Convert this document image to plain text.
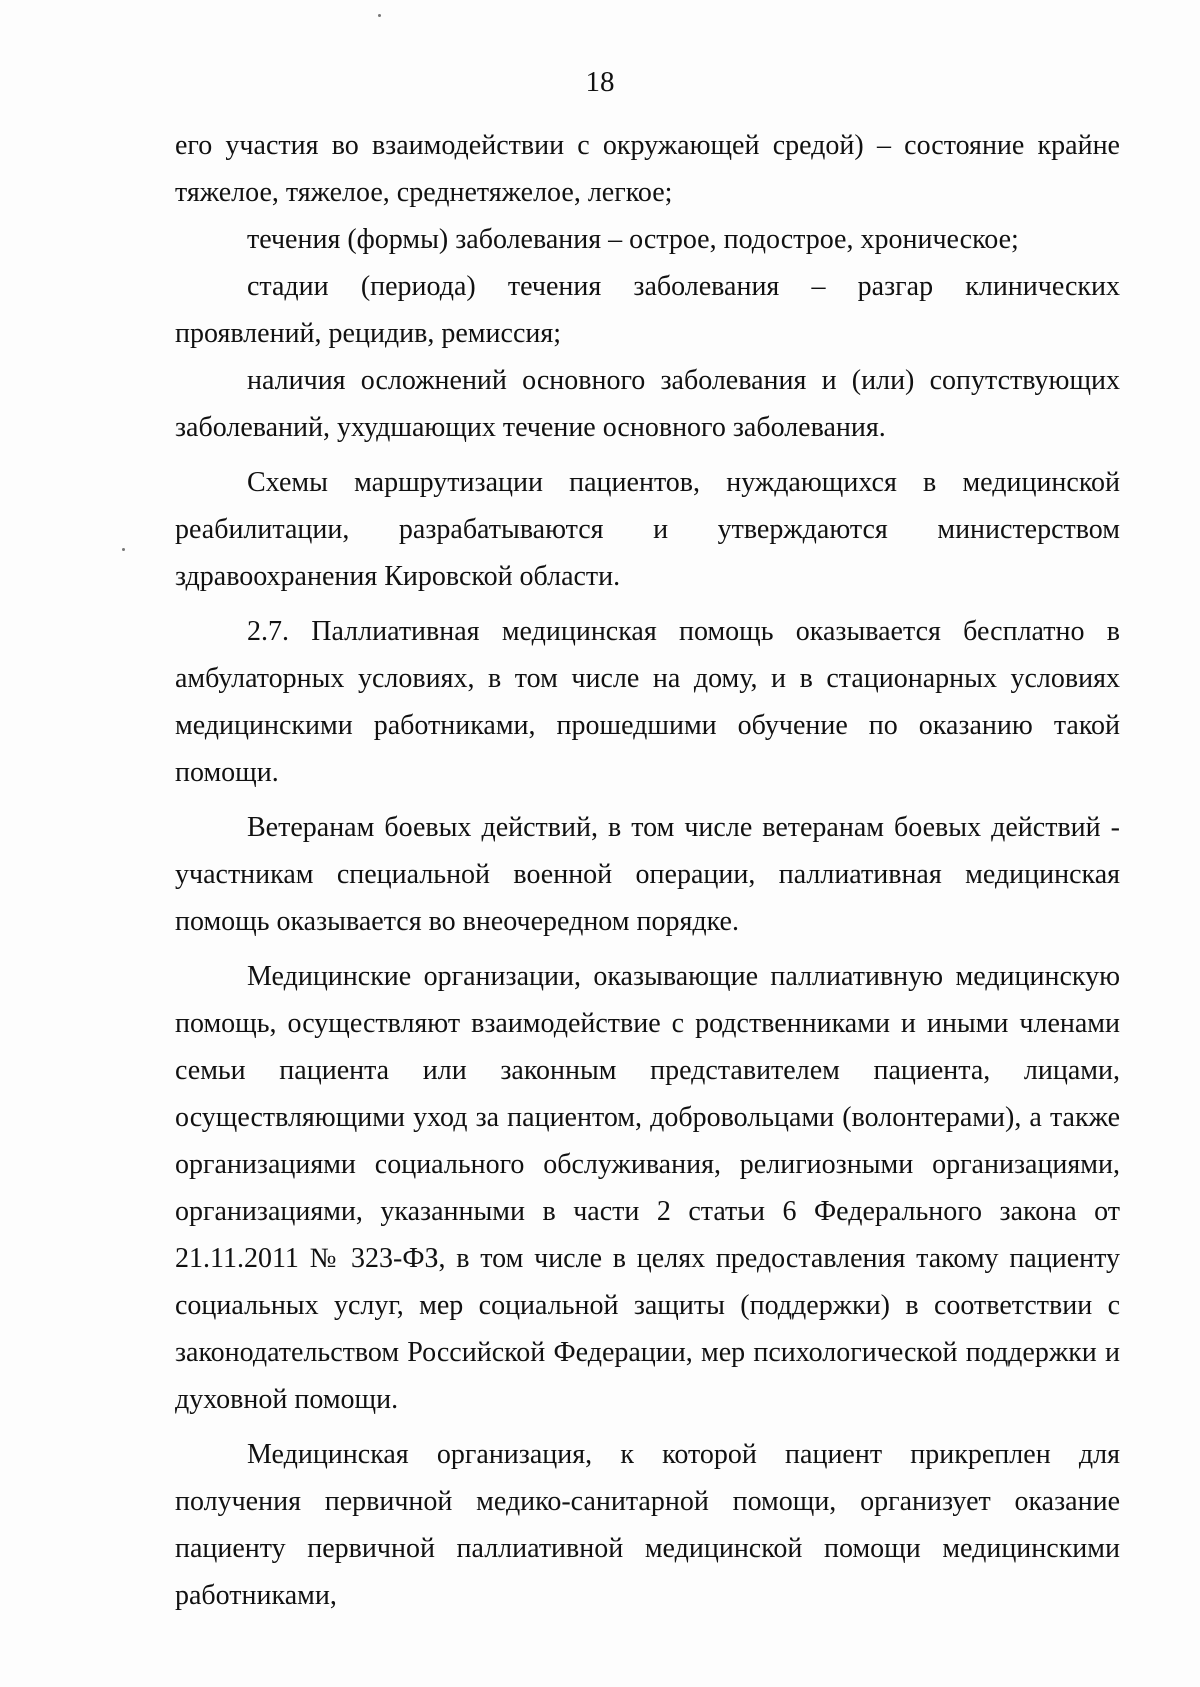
18

его участия во взаимодействии с окружающей средой) – состояние крайне тяжелое, тяжелое, среднетяжелое, легкое;

течения (формы) заболевания – острое, подострое, хроническое;

стадии (периода) течения заболевания – разгар клинических проявлений, рецидив, ремиссия;

наличия осложнений основного заболевания и (или) сопутствующих заболеваний, ухудшающих течение основного заболевания.

Схемы маршрутизации пациентов, нуждающихся в медицинской реабилитации, разрабатываются и утверждаются министерством здравоохранения Кировской области.

2.7. Паллиативная медицинская помощь оказывается бесплатно в амбулаторных условиях, в том числе на дому, и в стационарных условиях медицинскими работниками, прошедшими обучение по оказанию такой помощи.

Ветеранам боевых действий, в том числе ветеранам боевых действий - участникам специальной военной операции, паллиативная медицинская помощь оказывается во внеочередном порядке.

Медицинские организации, оказывающие паллиативную медицинскую помощь, осуществляют взаимодействие с родственниками и иными членами семьи пациента или законным представителем пациента, лицами, осуществляющими уход за пациентом, добровольцами (волонтерами), а также организациями социального обслуживания, религиозными организациями, организациями, указанными в части 2 статьи 6 Федерального закона от 21.11.2011 № 323-ФЗ, в том числе в целях предоставления такому пациенту социальных услуг, мер социальной защиты (поддержки) в соответствии с законодательством Российской Федерации, мер психологической поддержки и духовной помощи.

Медицинская организация, к которой пациент прикреплен для получения первичной медико-санитарной помощи, организует оказание пациенту первичной паллиативной медицинской помощи медицинскими работниками,
